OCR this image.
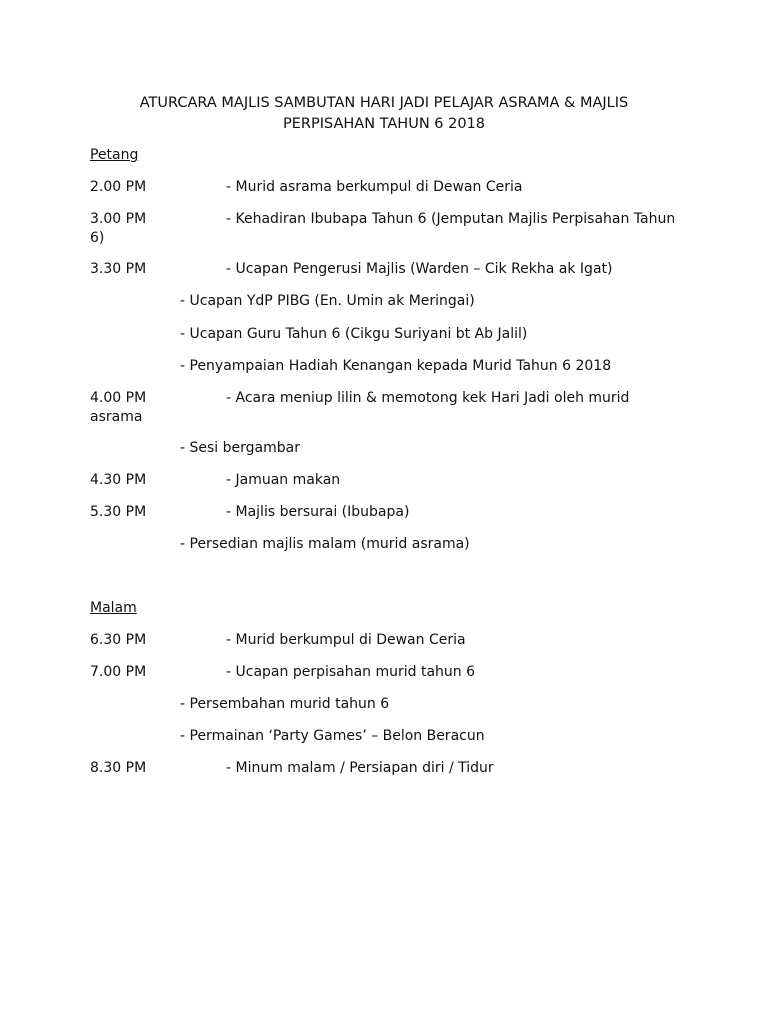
ATURCARA MAJLIS SAMBUTAN HARI JADI PELAJAR ASRAMA & MAJLIS
PERPISAHAN TAHUN 6 2018
Petang
2.00 PM	- Murid asrama berkumpul di Dewan Ceria
3.00 PM	- Kehadiran Ibubapa Tahun 6 (Jemputan Majlis Perpisahan Tahun
6)
3.30 PM	- Ucapan Pengerusi Majlis (Warden – Cik Rekha ak Igat)
- Ucapan YdP PIBG (En. Umin ak Meringai)
- Ucapan Guru Tahun 6 (Cikgu Suriyani bt Ab Jalil)
- Penyampaian Hadiah Kenangan kepada Murid Tahun 6 2018
4.00 PM	- Acara meniup lilin & memotong kek Hari Jadi oleh murid
asrama
- Sesi bergambar
4.30 PM	- Jamuan makan
5.30 PM	- Majlis bersurai (Ibubapa)
- Persedian majlis malam (murid asrama)
Malam
6.30 PM	- Murid berkumpul di Dewan Ceria
7.00 PM	- Ucapan perpisahan murid tahun 6
- Persembahan murid tahun 6
- Permainan ‘Party Games’ – Belon Beracun
8.30 PM	- Minum malam / Persiapan diri / Tidur
